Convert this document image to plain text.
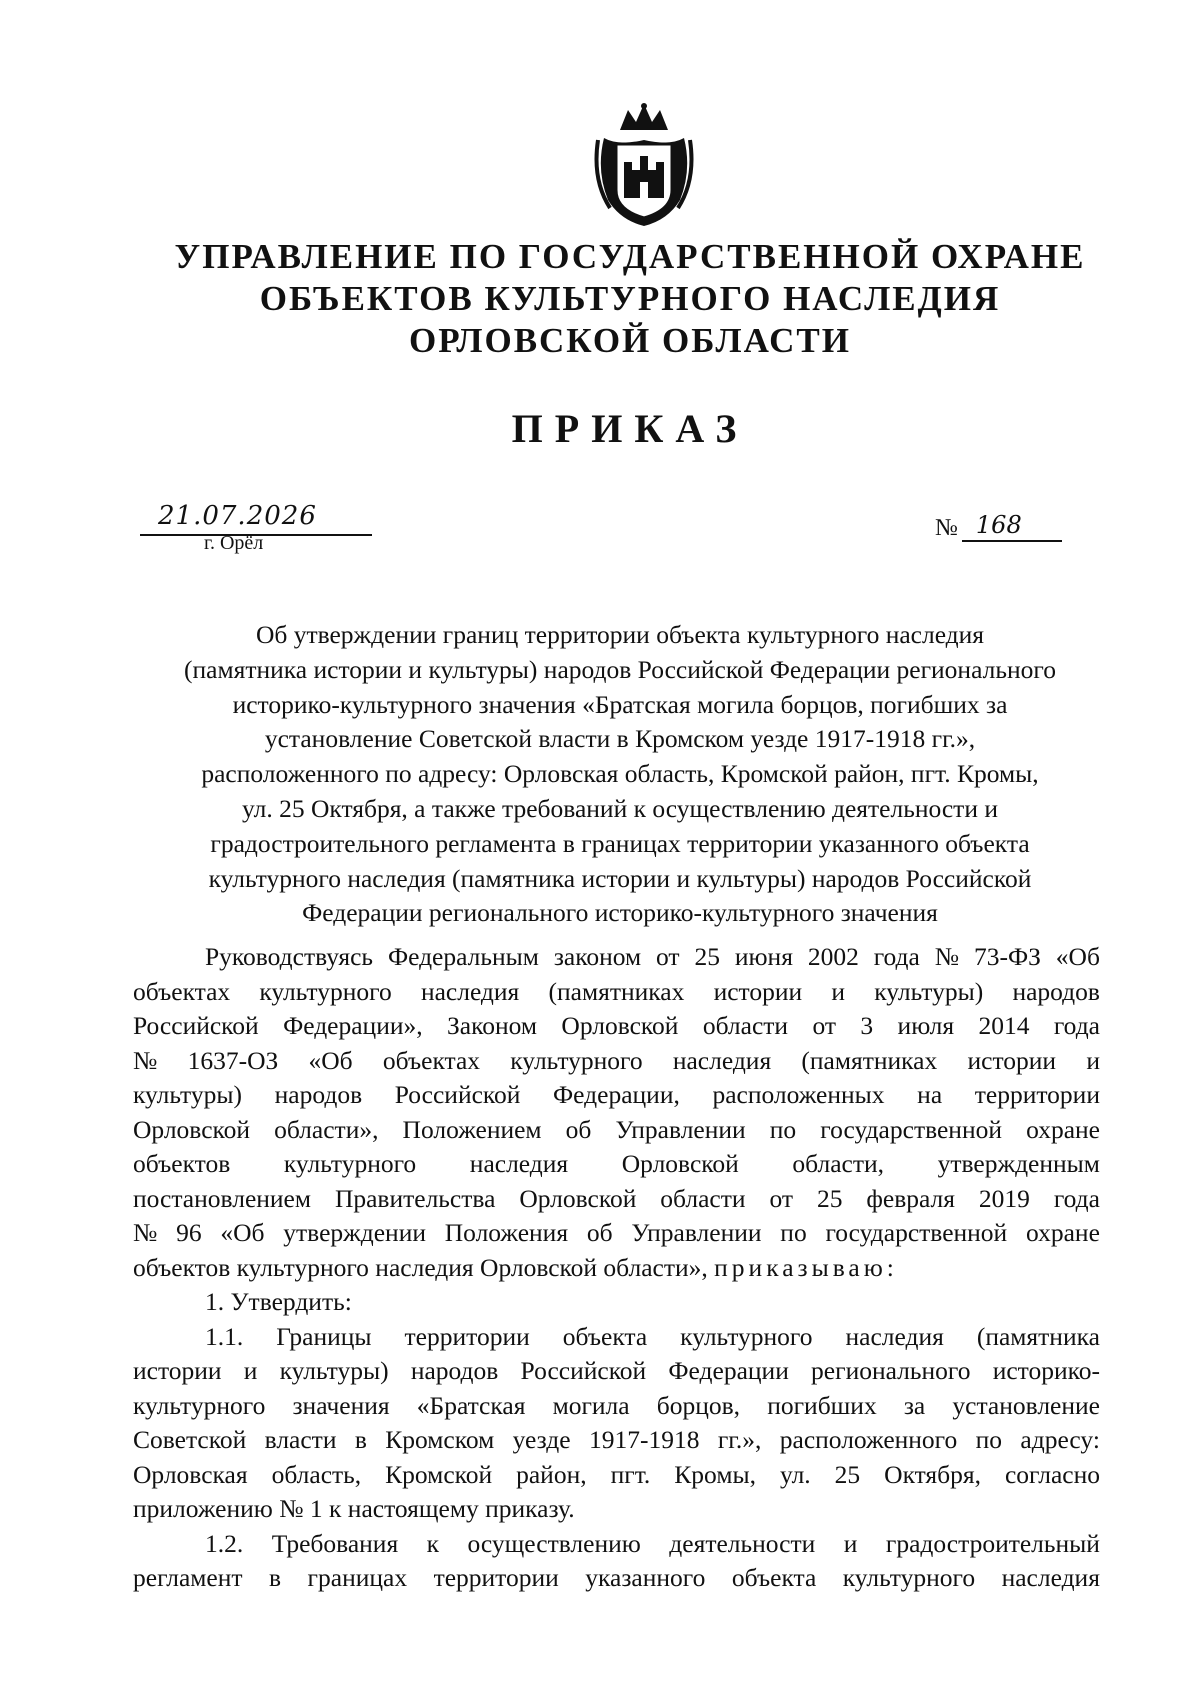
УПРАВЛЕНИЕ ПО ГОСУДАРСТВЕННОЙ ОХРАНЕ
ОБЪЕКТОВ КУЛЬТУРНОГО НАСЛЕДИЯ
ОРЛОВСКОЙ ОБЛАСТИ
ПРИКАЗ
21.07.2026
г. Орёл
№ 168
Об утверждении границ территории объекта культурного наследия
(памятника истории и культуры) народов Российской Федерации регионального
историко-культурного значения «Братская могила борцов, погибших за
установление Советской власти в Кромском уезде 1917-1918 гг.»,
расположенного по адресу: Орловская область, Кромской район, пгт. Кромы,
ул. 25 Октября, а также требований к осуществлению деятельности и
градостроительного регламента в границах территории указанного объекта
культурного наследия (памятника истории и культуры) народов Российской
Федерации регионального историко-культурного значения
Руководствуясь Федеральным законом от 25 июня 2002 года № 73-ФЗ «Об
объектах культурного наследия (памятниках истории и культуры) народов
Российской Федерации», Законом Орловской области от 3 июля 2014 года
№ 1637-ОЗ «Об объектах культурного наследия (памятниках истории и
культуры) народов Российской Федерации, расположенных на территории
Орловской области», Положением об Управлении по государственной охране
объектов культурного наследия Орловской области, утвержденным
постановлением Правительства Орловской области от 25 февраля 2019 года
№ 96 «Об утверждении Положения об Управлении по государственной охране
объектов культурного наследия Орловской области»,
приказываю:
1. Утвердить:
1.1. Границы территории объекта культурного наследия (памятника
истории и культуры) народов Российской Федерации регионального историко-
культурного значения «Братская могила борцов, погибших за установление
Советской власти в Кромском уезде 1917-1918 гг.», расположенного по адресу:
Орловская область, Кромской район, пгт. Кромы, ул. 25 Октября, согласно
приложению № 1 к настоящему приказу.
1.2. Требования к осуществлению деятельности и градостроительный
регламент в границах территории указанного объекта культурного наследия
